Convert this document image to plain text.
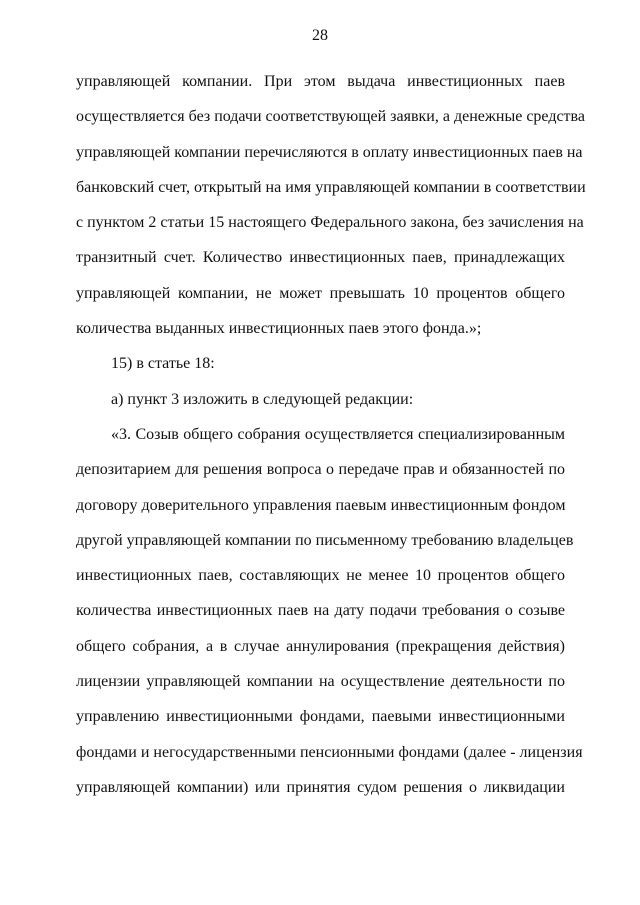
28
управляющей компании. При этом выдача инвестиционных паев
осуществляется без подачи соответствующей заявки, а денежные средства
управляющей компании перечисляются в оплату инвестиционных паев на
банковский счет, открытый на имя управляющей компании в соответствии
с пунктом 2 статьи 15 настоящего Федерального закона, без зачисления на
транзитный счет. Количество инвестиционных паев, принадлежащих
управляющей компании, не может превышать 10 процентов общего
количества выданных инвестиционных паев этого фонда.»;
15) в статье 18:
а) пункт 3 изложить в следующей редакции:
«3. Созыв общего собрания осуществляется специализированным
депозитарием для решения вопроса о передаче прав и обязанностей по
договору доверительного управления паевым инвестиционным фондом
другой управляющей компании по письменному требованию владельцев
инвестиционных паев, составляющих не менее 10 процентов общего
количества инвестиционных паев на дату подачи требования о созыве
общего собрания, а в случае аннулирования (прекращения действия)
лицензии управляющей компании на осуществление деятельности по
управлению инвестиционными фондами, паевыми инвестиционными
фондами и негосударственными пенсионными фондами (далее - лицензия
управляющей компании) или принятия судом решения о ликвидации
